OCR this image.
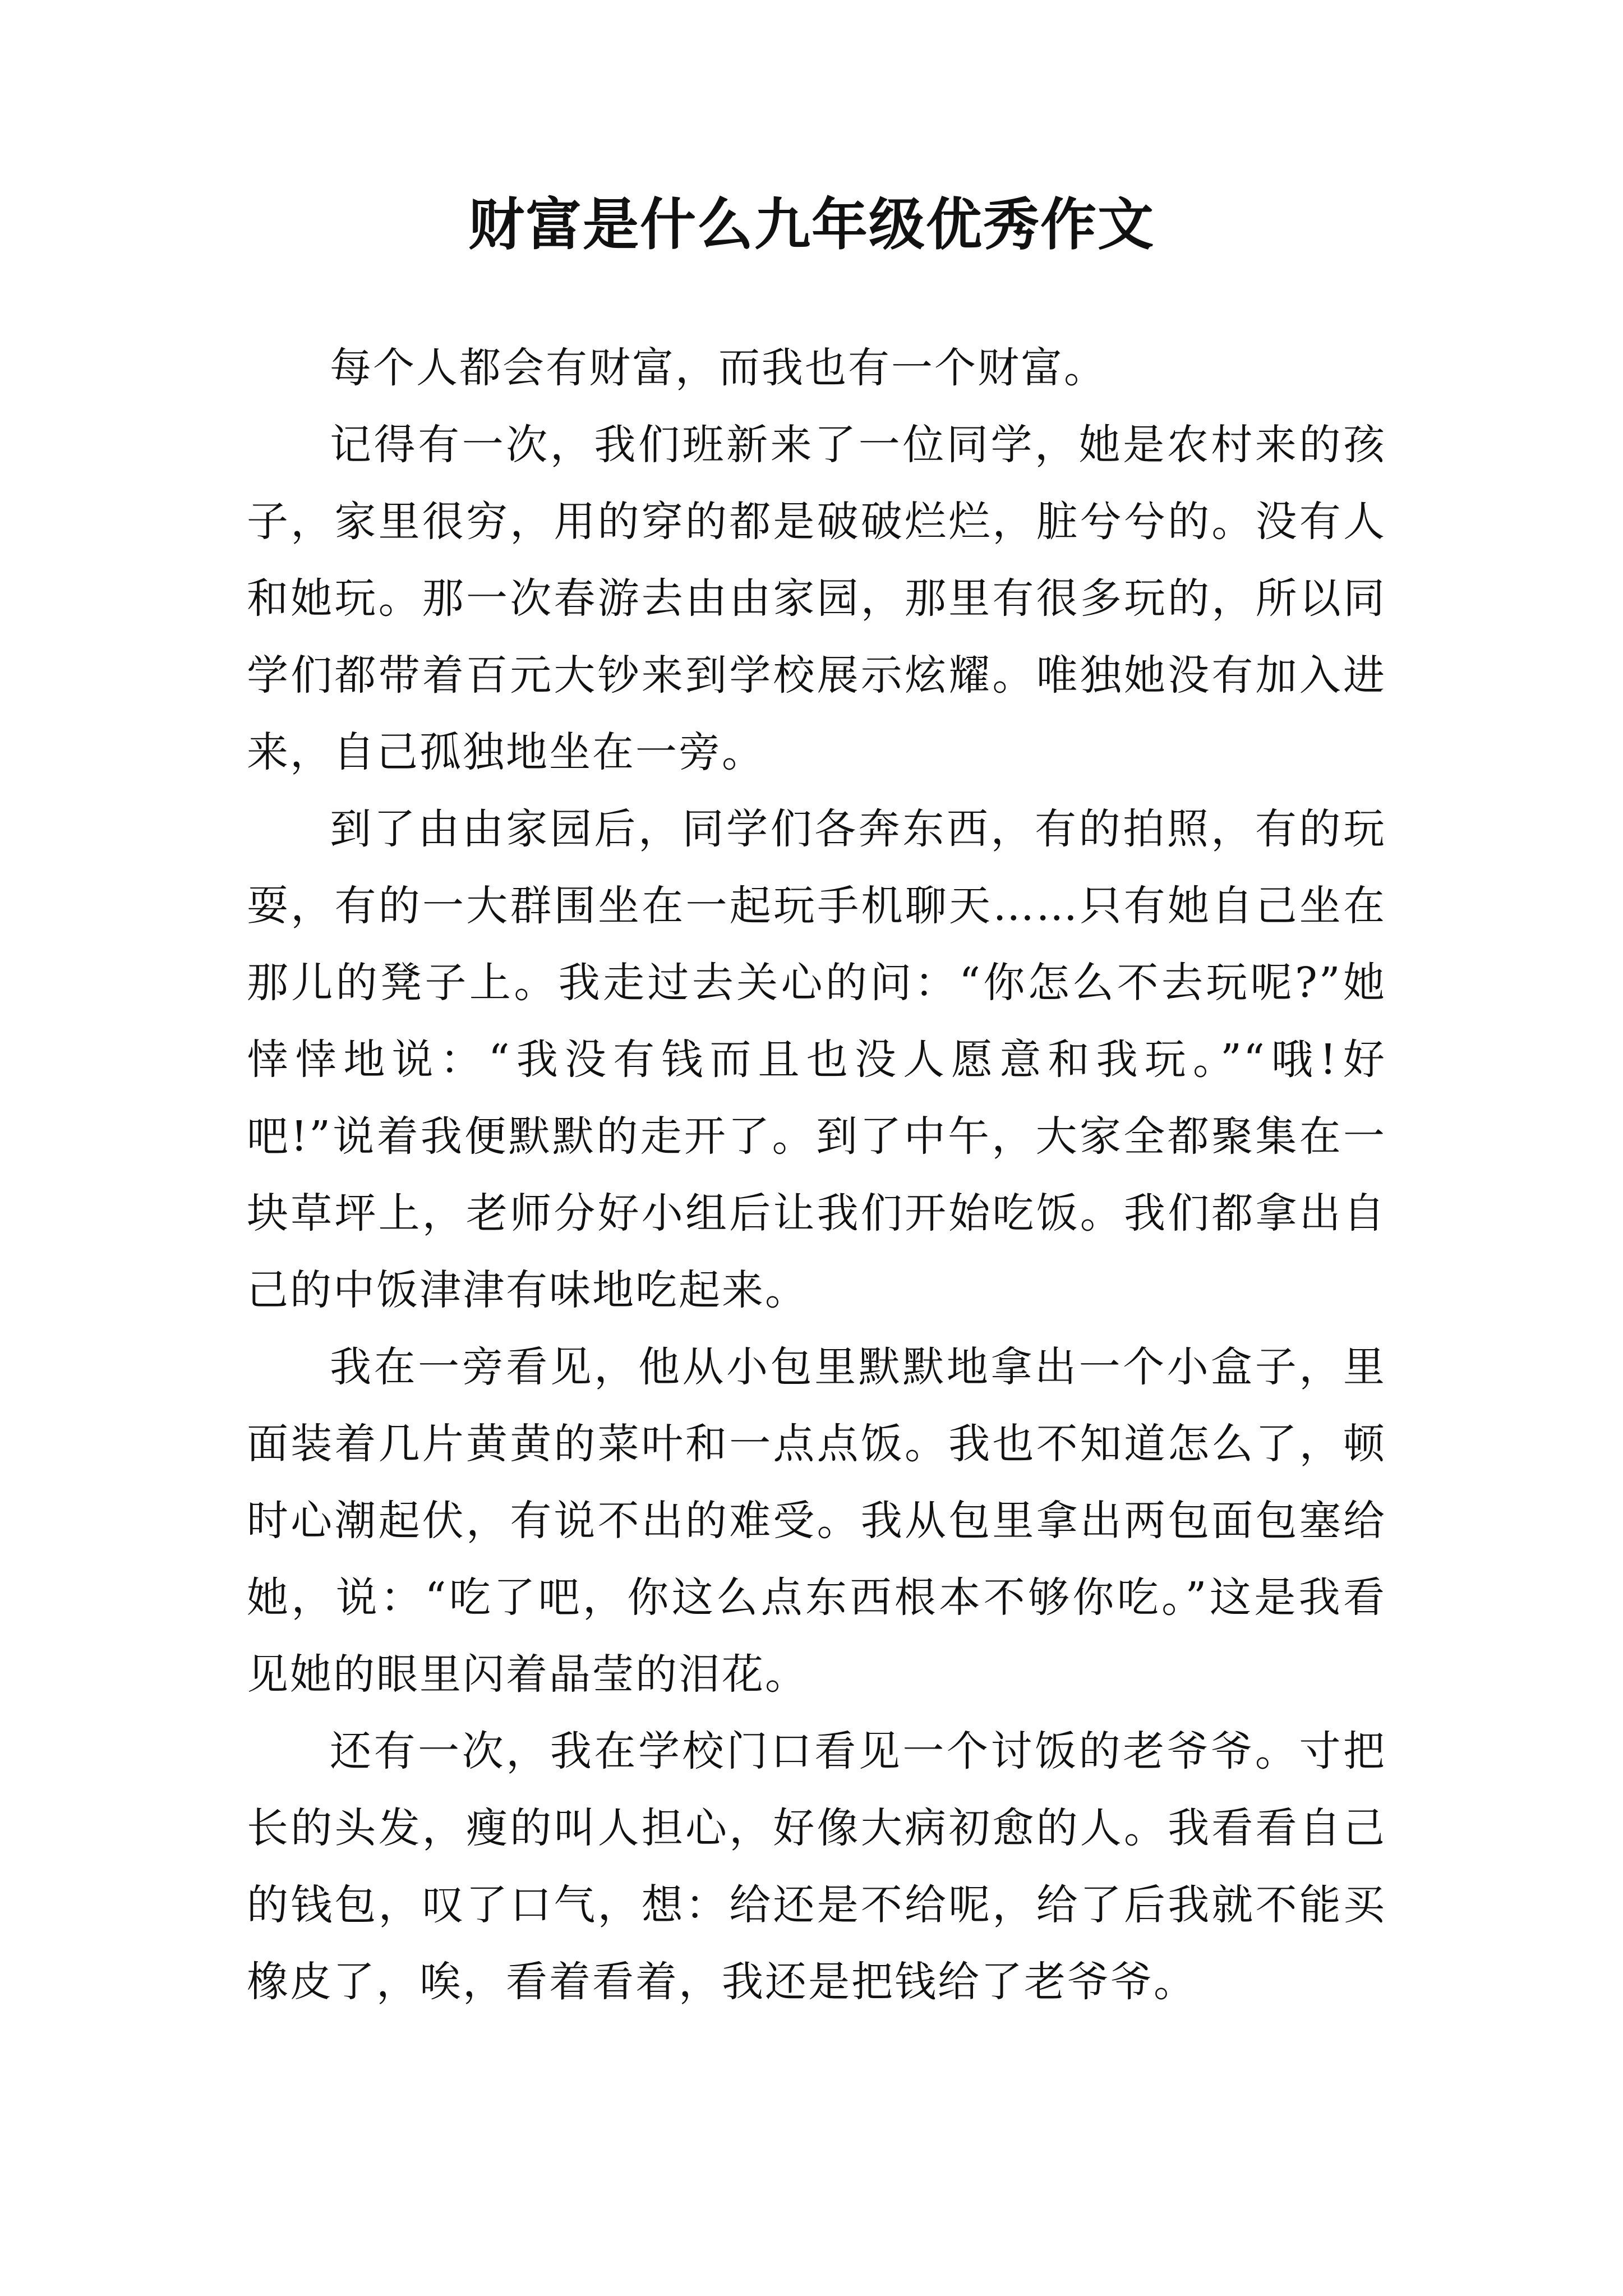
财富是什么九年级优秀作文

每个人都会有财富，而我也有一个财富。

记得有一次，我们班新来了一位同学，她是农村来的孩子，家里很穷，用的穿的都是破破烂烂，脏兮兮的。没有人和她玩。那一次春游去由由家园，那里有很多玩的，所以同学们都带着百元大钞来到学校展示炫耀。唯独她没有加入进来，自己孤独地坐在一旁。

到了由由家园后，同学们各奔东西，有的拍照，有的玩耍，有的一大群围坐在一起玩手机聊天……只有她自己坐在那儿的凳子上。我走过去关心的问：“你怎么不去玩呢?”她悻悻地说：“我没有钱而且也没人愿意和我玩。”“哦!好吧!”说着我便默默的走开了。到了中午，大家全都聚集在一块草坪上，老师分好小组后让我们开始吃饭。我们都拿出自己的中饭津津有味地吃起来。

我在一旁看见，他从小包里默默地拿出一个小盒子，里面装着几片黄黄的菜叶和一点点饭。我也不知道怎么了，顿时心潮起伏，有说不出的难受。我从包里拿出两包面包塞给她，说：“吃了吧，你这么点东西根本不够你吃。”这是我看见她的眼里闪着晶莹的泪花。

还有一次，我在学校门口看见一个讨饭的老爷爷。寸把长的头发，瘦的叫人担心，好像大病初愈的人。我看看自己的钱包，叹了口气，想：给还是不给呢，给了后我就不能买橡皮了，唉，看着看着，我还是把钱给了老爷爷。
